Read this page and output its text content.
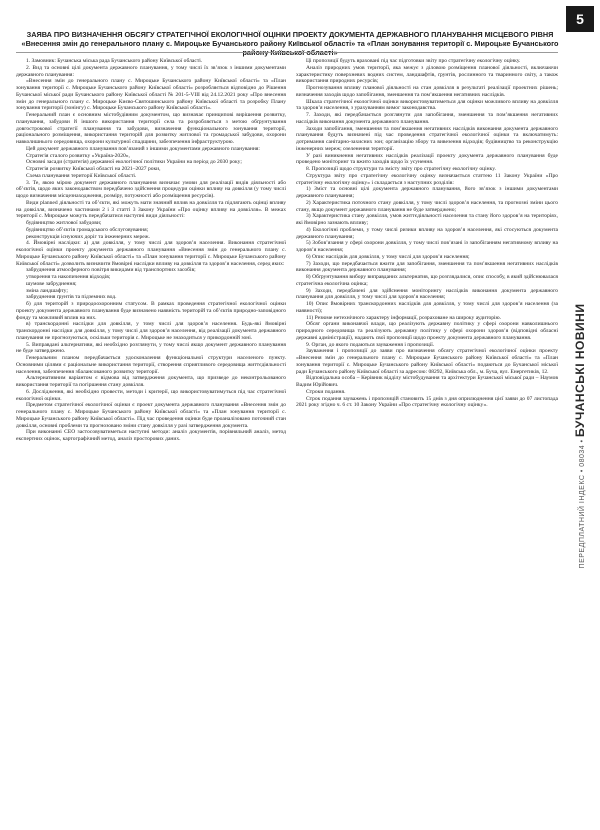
ЗАЯВА ПРО ВИЗНАЧЕННЯ ОБСЯГУ СТРАТЕГІЧНОЇ ЕКОЛОГІЧНОЇ ОЦІНКИ ПРОЕКТУ ДОКУМЕНТА ДЕРЖАВНОГО ПЛАНУВАННЯ МІСЦЕВОГО РІВНЯ «Внесення змін до генерального плану с. Мироцьке Бучанського району Київської області» та «План зонування території с. Мироцьке Бучанського району Київської області»

1. Замовник: Бучанська міська рада Бучанського району Київської області.

2. Вид та основні цілі документа державного планування, у тому числі їх зв’язок з іншими документами державного планування:

«Внесення змін до генерального плану с. Мироцьке Бучанського району Київської області» та «План зонування території с. Мироцьке Бучанського району Київської області» розробляється відповідно до Рішення Бучанської міської ради Бучанського району Київської області № 201-5-VIII від 24.12.2021 року «Про внесення змін до генерального плану с. Мироцьке Києво-Святошинського району Київської області та розробку Плану зонування території (зонінгу) с. Мироцьке Бучанського району Київської області».

Генеральний план є основним містобудівним документом, що визначає принципові вирішення розвитку, планування, забудови й іншого використання території села та розробляється з метою обґрунтування довгострокової стратегії планування та забудови, визначення функціонального зонування території, раціонального розміщення, використання територій для розвитку житлової та громадської забудови, охорони навколишнього середовища, охорони культурної спадщини, забезпечення інфраструктурою.

Цей документ державного планування пов’язаний з іншими документами державного планування:

Стратегія сталого розвитку «Україна-2020»,

Основні засади (стратегія) державної екологічної політики України на період до 2030 року;

Стратегія розвитку Київської області на 2021–2027 роки,

Схема планування території Київської області.

3. Те, якою мірою документ державного планування визначає умови для реалізації видів діяльності або об’єктів, щодо яких законодавством передбачено здійснення процедури оцінки впливу на довкілля (у тому числі щодо визначення місцезнаходження, розміру, потужності або розміщення ресурсів).

Види planned діяльності та об’єкти, які можуть мати значний вплив на довкілля та підлягають оцінці впливу на довкілля, визначено частинами 2 і 3 статті 3 Закону України «Про оцінку впливу на довкілля». В межах території с. Мироцьке можуть передбачатися наступні види діяльності:

будівництво житлової забудови;

будівництво об’єктів громадського обслуговування;

реконструкція існуючих доріг та інженерних мереж.

4. Ймовірні наслідки: а) для довкілля, у тому числі для здоров’я населення. Виконання стратегічної екологічної оцінки проекту документа державного планування «Внесення змін до генерального плану с. Мироцьке Бучанського району Київської області» та «План зонування території с. Мироцьке Бучанського району Київської області» дозволить визначити ймовірні наслідки впливу на довкілля та здоров’я населення, серед яких:

забруднення атмосферного повітря викидами від транспортних засобів;

утворення та накопичення відходів;

шумове забруднення;

зміна ландшафту;

забруднення ґрунтів та підземних вод.

б) для територій з природоохоронним статусом. В рамках проведення стратегічної екологічної оцінки проекту документа державного планування буде визначено наявність територій та об’єктів природно-заповідного фонду та можливий вплив на них.

в) транскордонні наслідки для довкілля, у тому числі для здоров’я населення. Будь-які ймовірні транскордонні наслідки для довкілля, у тому числі для здоров’я населення, від реалізації документа державного планування не прогнозуються, оскільки територія с. Мироцьке не знаходиться у прикордонній зоні.

5. Виправдані альтернативи, які необхідно розглянути, у тому числі якщо документ державного планування не буде затверджено.

Генеральним планом передбачається удосконалення функціональної структури населеного пункту. Основними цілями є раціональне використання території, створення сприятливого середовища життєдіяльності населення, забезпечення збалансованого розвитку території.

Альтернативним варіантом є відмова від затвердження документа, що призведе до неконтрольованого використання території та погіршення стану довкілля.

6. Дослідження, які необхідно провести, методи і критерії, що використовуватимуться під час стратегічної екологічної оцінки.

Предметом стратегічної екологічної оцінки є проект документа державного планування «Внесення змін до генерального плану с. Мироцьке Бучанського району Київської області» та «План зонування території с. Мироцьке Бучанського району Київської області». Під час проведення оцінки буде проаналізовано поточний стан довкілля, основні проблеми та прогнозовано зміни стану довкілля у разі затвердження документа.

При виконанні СЕО застосовуватиметься наступні методи: аналіз документів, порівняльний аналіз, метод експертних оцінок, картографічний метод, аналіз просторових даних.

Ці пропозиції будуть враховані під час підготовки звіту про стратегічну екологічну оцінку.

Аналіз природних умов території, яка межує з діловою розміщення планової діяльності, включаючи характеристику поверхневих водних систем, ландшафтів, ґрунтів, рослинного та тваринного світу, а також використання природних ресурсів;

Прогнозування впливу планової діяльності на стан довкілля в результаті реалізації проектних рішень; визначення заходів щодо запобігання, зменшення та пом’якшення негативних наслідків.

Шкала стратегічної екологічної оцінки використовуватиметься для оцінки можливого впливу на довкілля та здоров’я населення, з урахуванням вимог законодавства.

7. Заходи, які передбачається розглянути для запобігання, зменшення та пом’якшення негативних наслідків виконання документа державного планування.

Заходи запобігання, зменшення та пом’якшення негативних наслідків виконання документа державного планування будуть визначені під час проведення стратегічної екологічної оцінки та включатимуть: дотримання санітарно-захисних зон; організацію збору та вивезення відходів; будівництво та реконструкцію інженерних мереж; озеленення території.

У разі виникнення негативних наслідків реалізації проекту документа державного планування буде проведено моніторинг та вжито заходів щодо їх усунення.

8. Пропозиції щодо структури та змісту звіту про стратегічну екологічну оцінку.

Структура звіту про стратегічну екологічну оцінку визначається статтею 11 Закону України «Про стратегічну екологічну оцінку» і складається з наступних розділів:

1) Зміст та основні цілі документа державного планування, його зв’язок з іншими документами державного планування;

2) Характеристика поточного стану довкілля, у тому числі здоров’я населення, та прогнозні зміни цього стану, якщо документ державного планування не буде затверджено;

3) Характеристика стану довкілля, умов життєдіяльності населення та стану його здоров’я на територіях, які ймовірно зазнають впливу;

4) Екологічні проблеми, у тому числі ризики впливу на здоров’я населення, які стосуються документа державного планування;

5) Зобов’язання у сфері охорони довкілля, у тому числі пов’язані із запобіганням негативному впливу на здоров’я населення;

6) Опис наслідків для довкілля, у тому числі для здоров’я населення;

7) Заходи, що передбачається вжити для запобігання, зменшення та пом’якшення негативних наслідків виконання документа державного планування;

8) Обґрунтування вибору виправданих альтернатив, що розглядалися, опис способу, в який здійснювалася стратегічна екологічна оцінка;

9) Заходи, передбачені для здійснення моніторингу наслідків виконання документа державного планування для довкілля, у тому числі для здоров’я населення;

10) Опис ймовірних транскордонних наслідків для довкілля, у тому числі для здоров’я населення (за наявності);

11) Резюме нетехнічного характеру інформації, розраховане на широку аудиторію.

Обсяг органи виконавчої влади, що реалізують державну політику у сфері охорони навколишнього природного середовища та реалізують державну політику у сфері охорони здоров’я (відповідні обласні державні адміністрації), надають свої пропозиції щодо проекту документа державного планування.

9. Орган, до якого подаються зауваження і пропозиції.

Зауваження і пропозиції до заяви про визначення обсягу стратегічної екологічної оцінки проекту «Внесення змін до генерального плану с. Мироцьке Бучанського району Київської області» та «План зонування території с. Мироцьке Бучанського району Київської області» подаються до Бучанської міської ради Бучанського району Київської області за адресою: 08292, Київська обл., м. Буча, вул. Енергетиків, 12.

Відповідальна особа – Керівник відділу містобудування та архітектури Бучанської міської ради – Наумов Вадим Юрійович.

Строки подання.

Строк подання зауважень і пропозицій становить 15 днів з дня оприлюднення цієї заяви до 07 листопада 2021 року згідно ч. 6 ст. 10 Закону України «Про стратегічну екологічну оцінку».

5
ПЕРЕДПЛАТНИЙ ІНДЕКС • 08034 • БУЧАНСЬКІ НОВИНИ
